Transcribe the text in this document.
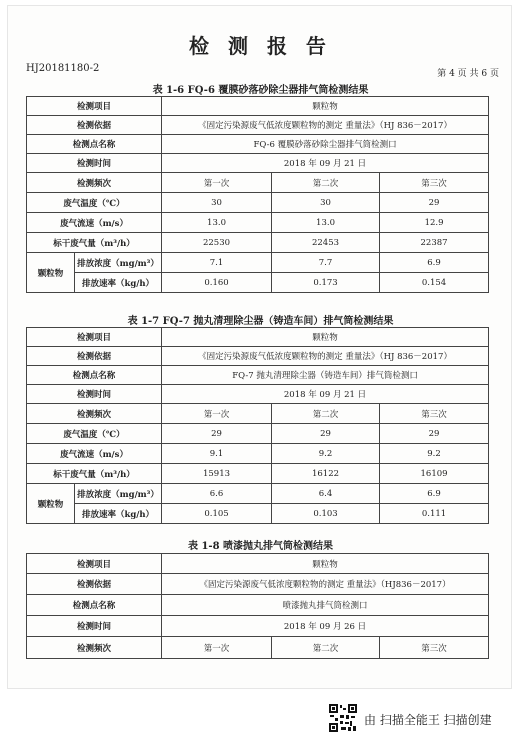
检 测 报 告
HJ20181180-2	第 4 页 共 6 页
表 1-6 FQ-6 覆膜砂落砂除尘器排气筒检测结果
检测项目		颗粒物		
检测依据		《固定污染源废气低浓度颗粒物的测定 重量法》（HJ 836－2017）		
检测点名称		FQ-6 覆膜砂落砂除尘器排气筒检测口		
检测时间		2018 年 09 月 21 日		
检测频次		第一次	第二次	第三次
废气温度（℃）		30	30	29
废气流速（m/s）		13.0	13.0	12.9
标干废气量（m³/h）		22530	22453	22387
颗粒物	排放浓度（mg/m³）	7.1	7.7	6.9
	排放速率（kg/h）	0.160	0.173	0.154
表 1-7 FQ-7 抛丸清理除尘器（铸造车间）排气筒检测结果
检测项目		颗粒物		
检测依据		《固定污染源废气低浓度颗粒物的测定 重量法》（HJ 836－2017）		
检测点名称		FQ-7 抛丸清理除尘器（铸造车间）排气筒检测口		
检测时间		2018 年 09 月 21 日		
检测频次		第一次	第二次	第三次
废气温度（℃）		29	29	29
废气流速（m/s）		9.1	9.2	9.2
标干废气量（m³/h）		15913	16122	16109
颗粒物	排放浓度（mg/m³）	6.6	6.4	6.9
	排放速率（kg/h）	0.105	0.103	0.111
表 1-8 喷漆抛丸排气筒检测结果
检测项目	颗粒物		
检测依据	《固定污染源废气低浓度颗粒物的测定 重量法》（HJ836－2017）		
检测点名称	喷漆抛丸排气筒检测口		
检测时间	2018 年 09 月 26 日		
检测频次	第一次	第二次	第三次
由 扫描全能王 扫描创建
